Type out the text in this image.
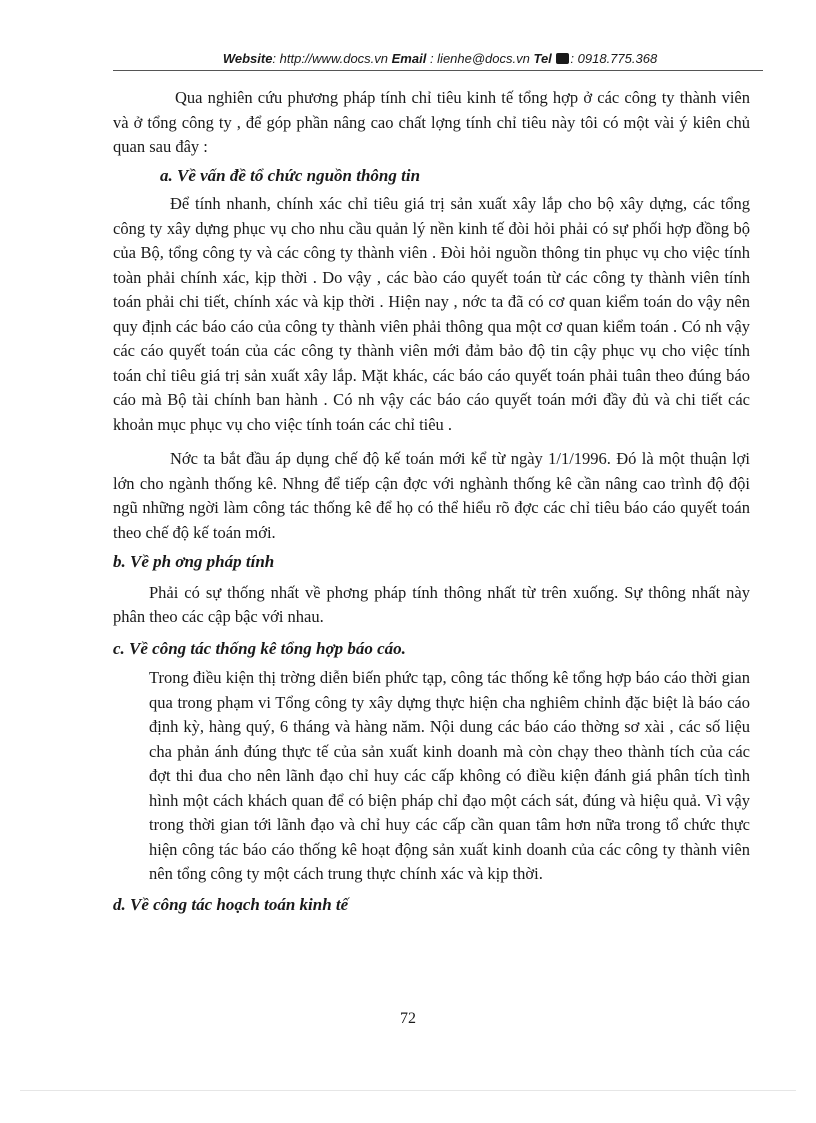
Website: http://www.docs.vn Email : lienhe@docs.vn Tel : 0918.775.368

Qua nghiên cứu phương pháp tính chỉ tiêu kinh tế tổng hợp ở các công ty thành viên và ở tổng công ty , để góp phần nâng cao chất lợng tính chỉ tiêu này tôi có một vài ý kiên chủ quan sau đây :

a. Về vấn đề tổ chức nguồn thông tin

Để tính nhanh, chính xác chỉ tiêu giá trị sản xuất xây lắp cho bộ xây dựng, các tổng công ty xây dựng phục vụ cho nhu cầu quản lý nền kinh tế đòi hỏi phải có sự phối hợp đồng bộ của Bộ, tổng công ty và các công ty thành viên . Đòi hỏi nguồn thông tin phục vụ cho việc tính toàn phải chính xác, kịp thời . Do vậy , các bào cáo quyết toán từ các công ty thành viên tính toán phải chi tiết, chính xác và kịp thời . Hiện nay , nớc ta đã có cơ quan kiểm toán do vậy nên quy định các báo cáo của công ty thành viên phải thông qua một cơ quan kiểm toán . Có nh vậy các cáo quyết toán của các công ty thành viên mới đảm bảo độ tin cậy phục vụ cho việc tính toán chỉ tiêu giá trị sản xuất xây lắp. Mặt khác, các báo cáo quyết toán phải tuân theo đúng báo cáo mà Bộ tài chính ban hành . Có nh vậy các báo cáo quyết toán mới đầy đủ và chi tiết các khoản mục phục vụ cho việc tính toán các chỉ tiêu .

Nớc ta bắt đầu áp dụng chế độ kế toán mới kể từ ngày 1/1/1996. Đó là một thuận lợi lớn cho ngành thống kê. Nhng để tiếp cận đợc với nghành thống kê cần nâng cao trình độ đội ngũ những ngời làm công tác thống kê để họ có thể hiểu rõ đợc các chỉ tiêu báo cáo quyết toán theo chế độ kế toán mới.

b. Về ph ơng pháp tính

Phải có sự thống nhất về phơng pháp tính thông nhất từ trên xuống. Sự thông nhất này phân theo các cập bậc với nhau.

c. Về công tác thống kê tổng hợp báo cáo.

Trong điều kiện thị trờng diễn biến phức tạp, công tác thống kê tổng hợp báo cáo thời gian qua trong phạm vi Tổng công ty xây dựng thực hiện cha nghiêm chỉnh đặc biệt là báo cáo định kỳ, hàng quý, 6 tháng và hàng năm. Nội dung các báo cáo thờng sơ xài , các số liệu cha phản ánh đúng thực tế của sản xuất kinh doanh mà còn chạy theo thành tích của các đợt thi đua cho nên lãnh đạo chỉ huy các cấp không có điều kiện đánh giá phân tích tình hình một cách khách quan để có biện pháp chỉ đạo một cách sát, đúng và hiệu quả. Vì vậy trong thời gian tới lãnh đạo và chỉ huy các cấp cần quan tâm hơn nữa trong tổ chức thực hiện công tác báo cáo thống kê hoạt động sản xuất kinh doanh của các công ty thành viên nên tổng công ty một cách trung thực chính xác và kịp thời.

d. Về công tác hoạch toán kinh tế

72
